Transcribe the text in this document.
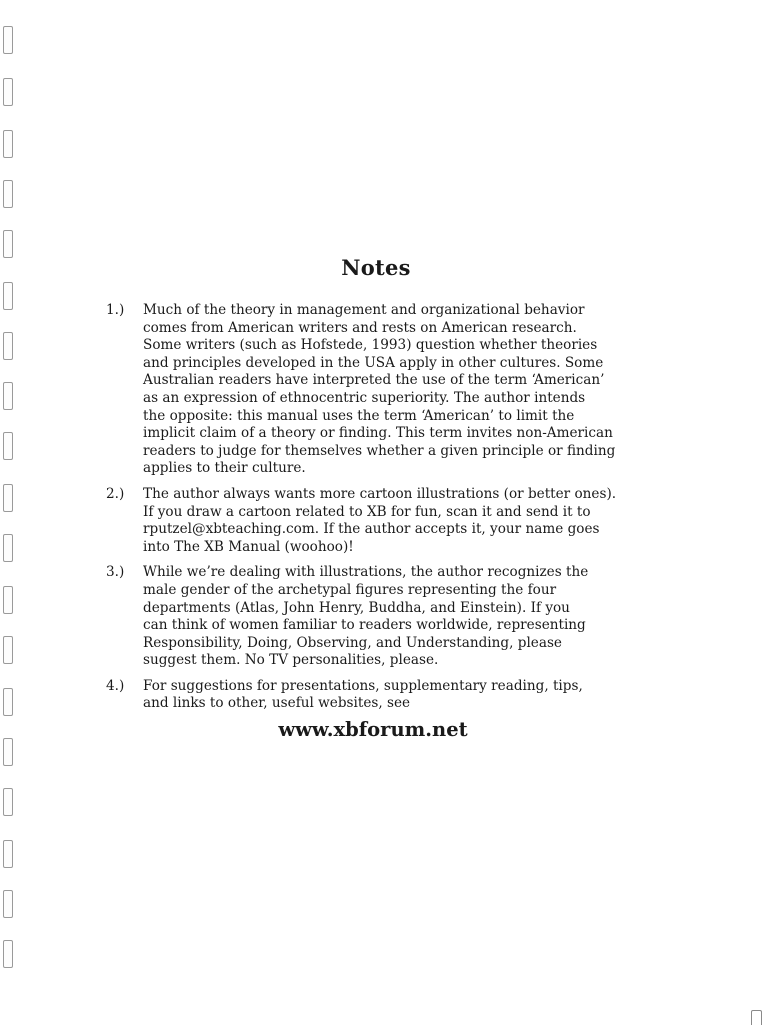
Notes
1.) Much of the theory in management and organizational behavior
comes from American writers and rests on American research.
Some writers (such as Hofstede, 1993) question whether theories
and principles developed in the USA apply in other cultures. Some
Australian readers have interpreted the use of the term ‘American’
as an expression of ethnocentric superiority. The author intends
the opposite: this manual uses the term ‘American’ to limit the
implicit claim of a theory or finding. This term invites non-American
readers to judge for themselves whether a given principle or finding
applies to their culture.
2.) The author always wants more cartoon illustrations (or better ones).
If you draw a cartoon related to XB for fun, scan it and send it to
rputzel@xbteaching.com. If the author accepts it, your name goes
into The XB Manual (woohoo)!
3.) While we’re dealing with illustrations, the author recognizes the
male gender of the archetypal figures representing the four
departments (Atlas, John Henry, Buddha, and Einstein). If you
can think of women familiar to readers worldwide, representing
Responsibility, Doing, Observing, and Understanding, please
suggest them. No TV personalities, please.
4.) For suggestions for presentations, supplementary reading, tips,
and links to other, useful websites, see
www.xbforum.net
